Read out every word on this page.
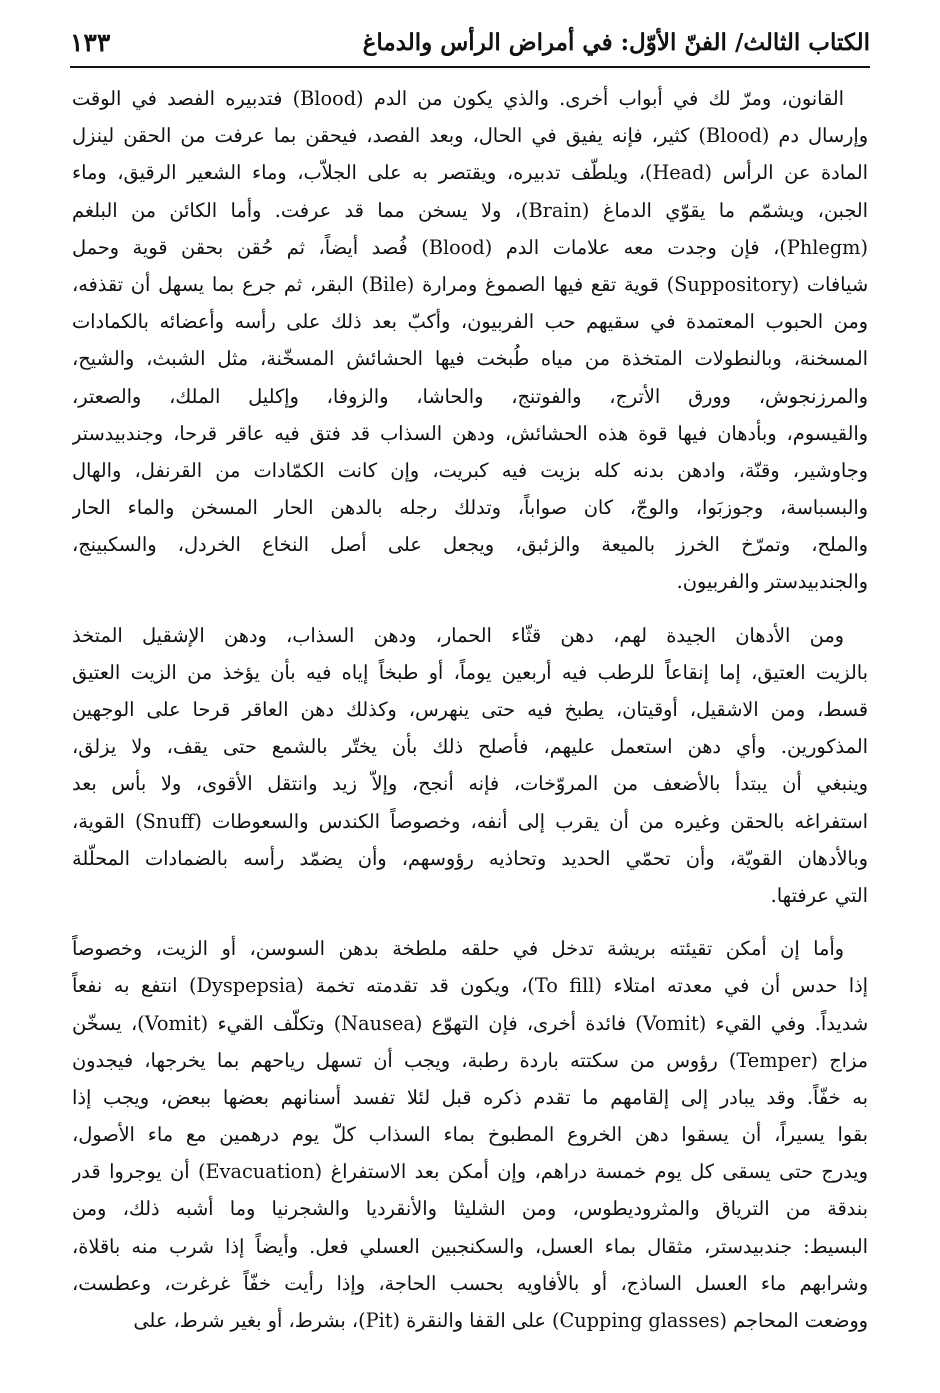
الكتاب الثالث/ الفنّ الأوّل: في أمراض الرأس والدماغ
١٣٣
القانون، ومرّ لك في أبواب أخرى. والذي يكون من الدم (Blood) فتدبيره الفصد في الوقت
وإرسال دم (Blood) كثير، فإنه يفيق في الحال، وبعد الفصد، فيحقن بما عرفت من الحقن لينزل
المادة عن الرأس (Head)، ويلطّف تدبيره، ويقتصر به على الجلاّب، وماء الشعير الرقيق، وماء
الجبن، ويشمّم ما يقوّي الدماغ (Brain)، ولا يسخن مما قد عرفت. وأما الكائن من البلغم
(Phlegm)، فإن وجدت معه علامات الدم (Blood) فُصد أيضاً، ثم حُقن بحقن قوية وحمل
شيافات (Suppository) قوية تقع فيها الصموغ ومرارة (Bile) البقر، ثم جرع بما يسهل أن تقذفه،
ومن الحبوب المعتمدة في سقيهم حب الفربيون، وأكبّ بعد ذلك على رأسه وأعضائه بالكمادات
المسخنة، وبالنطولات المتخذة من مياه طُبخت فيها الحشائش المسخّنة، مثل الشبث، والشيح،
والمرزنجوش، وورق الأترج، والفوتنج، والحاشا، والزوفا، وإكليل الملك، والصعتر،
والقيسوم، وبأدهان فيها قوة هذه الحشائش، ودهن السذاب قد فتق فيه عاقر قرحا، وجندبيدستر
وجاوشير، وقنّة، وادهن بدنه كله بزيت فيه كبريت، وإن كانت الكمّادات من القرنفل، والهال
والبسباسة، وجوزبَوا، والوجّ، كان صواباً، وتدلك رجله بالدهن الحار المسخن والماء الحار
والملح، وتمرّخ الخرز بالميعة والزئبق، ويجعل على أصل النخاع الخردل، والسكبينج،
والجندبيدستر والفربيون.
ومن الأدهان الجيدة لهم، دهن قثّاء الحمار، ودهن السذاب، ودهن الإشقيل المتخذ
بالزيت العتيق، إما إنقاعاً للرطب فيه أربعين يوماً، أو طبخاً إياه فيه بأن يؤخذ من الزيت العتيق
قسط، ومن الاشقيل، أوقيتان، يطبخ فيه حتى ينهرس، وكذلك دهن العاقر قرحا على الوجهين
المذكورين. وأي دهن استعمل عليهم، فأصلح ذلك بأن يختّر بالشمع حتى يقف، ولا يزلق،
وينبغي أن يبتدأ بالأضعف من المروّخات، فإنه أنجح، وإلاّ زيد وانتقل الأقوى، ولا بأس بعد
استفراغه بالحقن وغيره من أن يقرب إلى أنفه، وخصوصاً الكندس والسعوطات (Snuff) القوية،
وبالأدهان القويّة، وأن تحمّي الحديد وتحاذيه رؤوسهم، وأن يضمّد رأسه بالضمادات المحلّلة
التي عرفتها.
وأما إن أمكن تقيئته بريشة تدخل في حلقه ملطخة بدهن السوسن، أو الزيت، وخصوصاً
إذا حدس أن في معدته امتلاء (To fill)، ويكون قد تقدمته تخمة (Dyspepsia) انتفع به نفعاً
شديداً. وفي القيء (Vomit) فائدة أخرى، فإن التهوّع (Nausea) وتكلّف القيء (Vomit)، يسخّن
مزاج (Temper) رؤوس من سكتته باردة رطبة، ويجب أن تسهل رياحهم بما يخرجها، فيجدون
به خفّاً. وقد يبادر إلى إلقامهم ما تقدم ذكره قبل لئلا تفسد أسنانهم بعضها ببعض، ويجب إذا
بقوا يسيراً، أن يسقوا دهن الخروع المطبوخ بماء السذاب كلّ يوم درهمين مع ماء الأصول،
ويدرج حتى يسقى كل يوم خمسة دراهم، وإن أمكن بعد الاستفراغ (Evacuation) أن يوجروا قدر
بندقة من الترياق والمثروديطوس، ومن الشليثا والأنقرديا والشجرنيا وما أشبه ذلك، ومن
البسيط: جندبيدستر، مثقال بماء العسل، والسكنجبين العسلي فعل. وأيضاً إذا شرب منه باقلاة،
وشرابهم ماء العسل الساذج، أو بالأفاويه بحسب الحاجة، وإذا رأيت خفّاً غرغرت، وعطست،
ووضعت المحاجم (Cupping glasses) على القفا والنقرة (Pit)، بشرط، أو بغير شرط، على
